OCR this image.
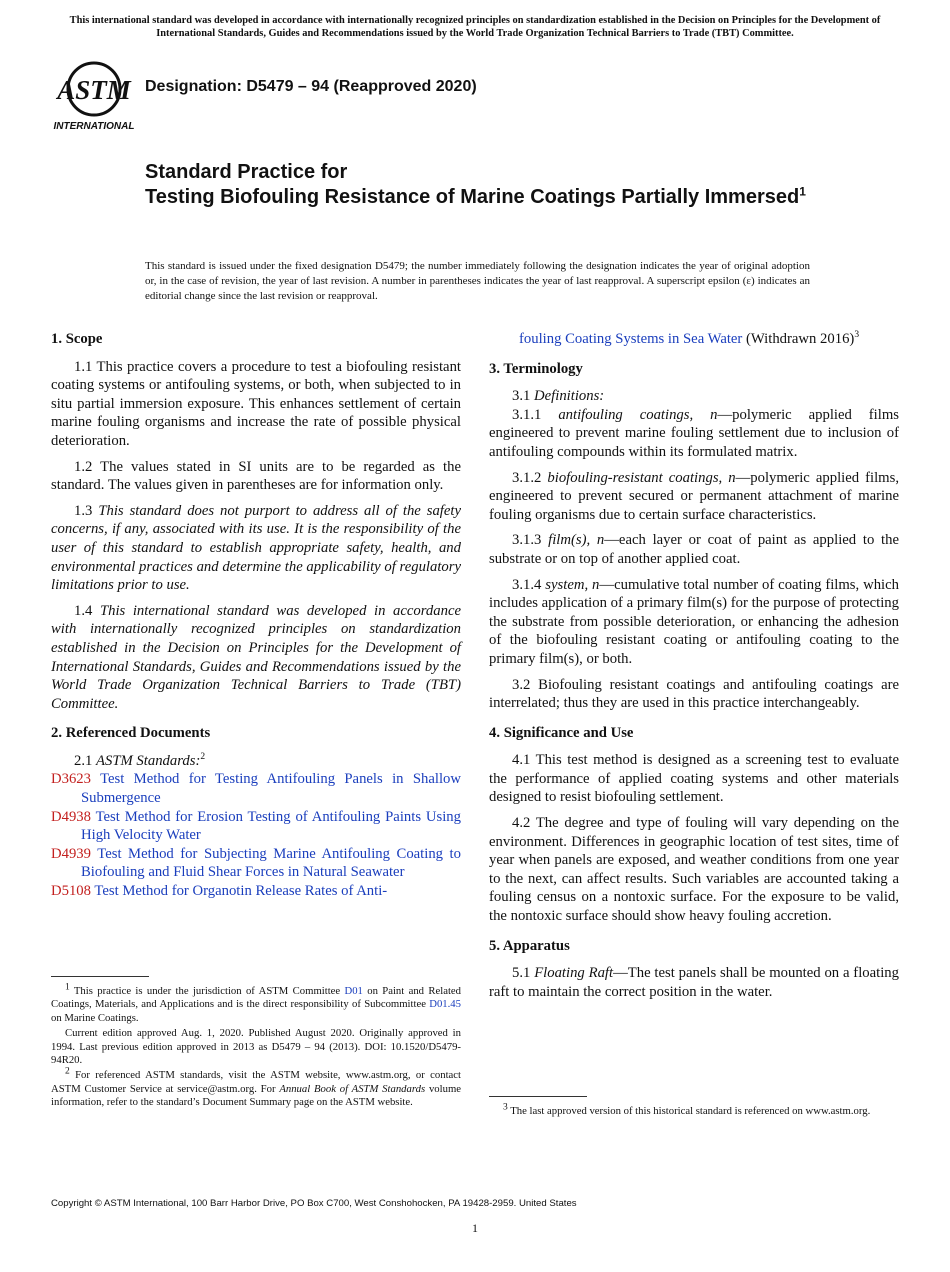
This international standard was developed in accordance with internationally recognized principles on standardization established in the Decision on Principles for the Development of International Standards, Guides and Recommendations issued by the World Trade Organization Technical Barriers to Trade (TBT) Committee.
ASTM
INTERNATIONAL
Designation: D5479 – 94 (Reapproved 2020)
Standard Practice for
Testing Biofouling Resistance of Marine Coatings Partially Immersed$^1$
This standard is issued under the fixed designation D5479; the number immediately following the designation indicates the year of original adoption or, in the case of revision, the year of last revision. A number in parentheses indicates the year of last reapproval. A superscript epsilon (ε) indicates an editorial change since the last revision or reapproval.
1. Scope

1.1 This practice covers a procedure to test a biofouling resistant coating systems or antifouling systems, or both, when subjected to in situ partial immersion exposure. This enhances settlement of certain marine fouling organisms and increase the rate of possible physical deterioration.

1.2 The values stated in SI units are to be regarded as the standard. The values given in parentheses are for information only.

1.3 This standard does not purport to address all of the safety concerns, if any, associated with its use. It is the responsibility of the user of this standard to establish appropriate safety, health, and environmental practices and determine the applicability of regulatory limitations prior to use.

1.4 This international standard was developed in accordance with internationally recognized principles on standardization established in the Decision on Principles for the Development of International Standards, Guides and Recommendations issued by the World Trade Organization Technical Barriers to Trade (TBT) Committee.

2. Referenced Documents

2.1 ASTM Standards:$^2$

D3623 Test Method for Testing Antifouling Panels in Shallow Submergence
D4938 Test Method for Erosion Testing of Antifouling Paints Using High Velocity Water
D4939 Test Method for Subjecting Marine Antifouling Coating to Biofouling and Fluid Shear Forces in Natural Seawater
D5108 Test Method for Organotin Release Rates of Anti-

$^1$ This practice is under the jurisdiction of ASTM Committee D01 on Paint and Related Coatings, Materials, and Applications and is the direct responsibility of Subcommittee D01.45 on Marine Coatings.

Current edition approved Aug. 1, 2020. Published August 2020. Originally approved in 1994. Last previous edition approved in 2013 as D5479 – 94 (2013). DOI: 10.1520/D5479-94R20.

$^2$ For referenced ASTM standards, visit the ASTM website, www.astm.org, or contact ASTM Customer Service at service@astm.org. For Annual Book of ASTM Standards volume information, refer to the standard’s Document Summary page on the ASTM website.

fouling Coating Systems in Sea Water (Withdrawn 2016)$^3$

3. Terminology

3.1 Definitions:

3.1.1 antifouling coatings, n—polymeric applied films engineered to prevent marine fouling settlement due to inclusion of antifouling compounds within its formulated matrix.

3.1.2 biofouling-resistant coatings, n—polymeric applied films, engineered to prevent secured or permanent attachment of marine fouling organisms due to certain surface characteristics.

3.1.3 film(s), n—each layer or coat of paint as applied to the substrate or on top of another applied coat.

3.1.4 system, n—cumulative total number of coating films, which includes application of a primary film(s) for the purpose of protecting the substrate from possible deterioration, or enhancing the adhesion of the biofouling resistant coating or antifouling coating to the primary film(s), or both.

3.2 Biofouling resistant coatings and antifouling coatings are interrelated; thus they are used in this practice interchangeably.

4. Significance and Use

4.1 This test method is designed as a screening test to evaluate the performance of applied coating systems and other materials designed to resist biofouling settlement.

4.2 The degree and type of fouling will vary depending on the environment. Differences in geographic location of test sites, time of year when panels are exposed, and weather conditions from one year to the next, can affect results. Such variables are accounted taking a fouling census on a nontoxic surface. For the exposure to be valid, the nontoxic surface should show heavy fouling accretion.

5. Apparatus

5.1 Floating Raft—The test panels shall be mounted on a floating raft to maintain the correct position in the water.

$^3$ The last approved version of this historical standard is referenced on www.astm.org.

Copyright © ASTM International, 100 Barr Harbor Drive, PO Box C700, West Conshohocken, PA 19428-2959. United States
1
